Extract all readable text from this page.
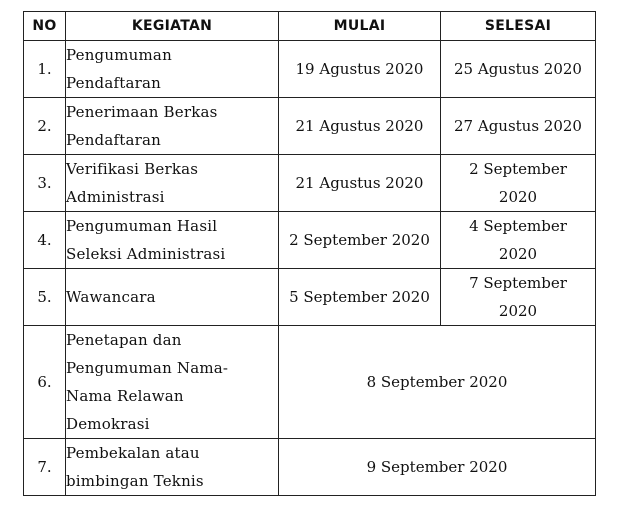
NO	KEGIATAN	MULAI	SELESAI
1.	Pengumuman
Pendaftaran	19 Agustus 2020	25 Agustus 2020

2.	Penerimaan Berkas
Pendaftaran	21 Agustus 2020	27 Agustus 2020

3.	Verifikasi Berkas
Administrasi	21 Agustus 2020	2 September
2020

4.	Pengumuman Hasil
Seleksi Administrasi	2 September 2020	4 September
2020

5.	Wawancara	5 September 2020	7 September
2020

6.	Penetapan dan
Pengumuman Nama-
Nama Relawan
Demokrasi	8 September 2020	
7.	Pembekalan atau
bimbingan Teknis	9 September 2020	
